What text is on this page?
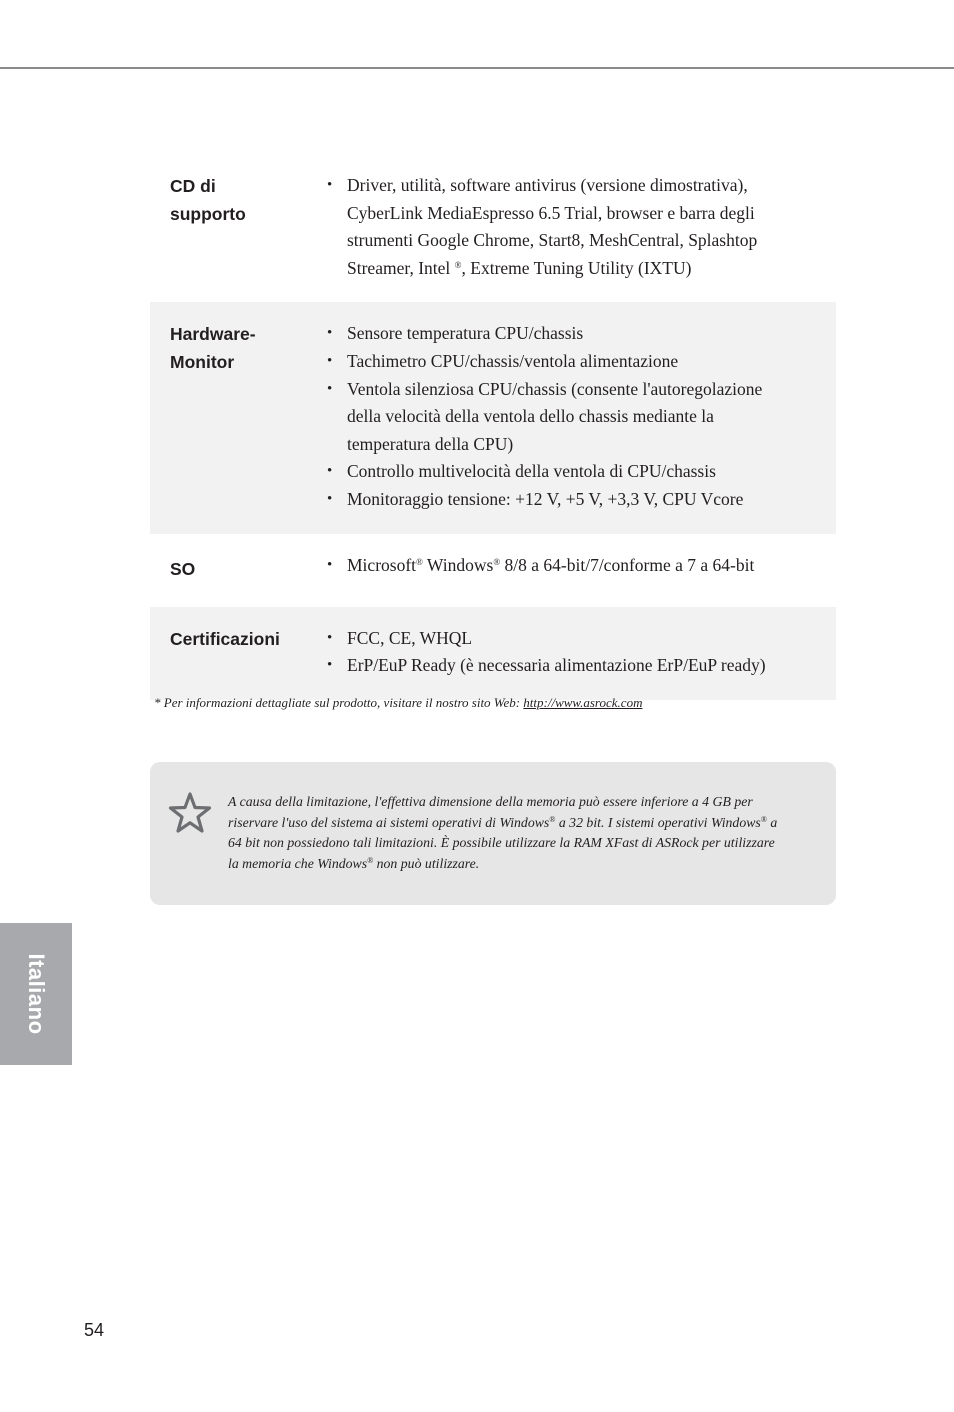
CD di
supporto
• Driver, utilità, software antivirus (versione dimostrativa), CyberLink MediaEspresso 6.5 Trial, browser e barra degli strumenti Google Chrome, Start8, MeshCentral, Splashtop Streamer, Intel ®, Extreme Tuning Utility (IXTU)
Hardware-
Monitor
• Sensore temperatura CPU/chassis
• Tachimetro CPU/chassis/ventola alimentazione
• Ventola silenziosa CPU/chassis (consente l'autoregolazione della velocità della ventola dello chassis mediante la temperatura della CPU)
• Controllo multivelocità della ventola di CPU/chassis
• Monitoraggio tensione: +12 V, +5 V, +3,3 V, CPU Vcore
SO	• Microsoft® Windows® 8/8 a 64-bit/7/conforme a 7 a 64-bit
Certificazioni	• FCC, CE, WHQL
• ErP/EuP Ready (è necessaria alimentazione ErP/EuP ready)
* Per informazioni dettagliate sul prodotto, visitare il nostro sito Web: http://www.asrock.com
A causa della limitazione, l'effettiva dimensione della memoria può essere inferiore a 4 GB per riservare l'uso del sistema ai sistemi operativi di Windows® a 32 bit. I sistemi operativi Windows® a 64 bit non possiedono tali limitazioni. È possibile utilizzare la RAM XFast di ASRock per utilizzare la memoria che Windows® non può utilizzare.
Italiano
54
